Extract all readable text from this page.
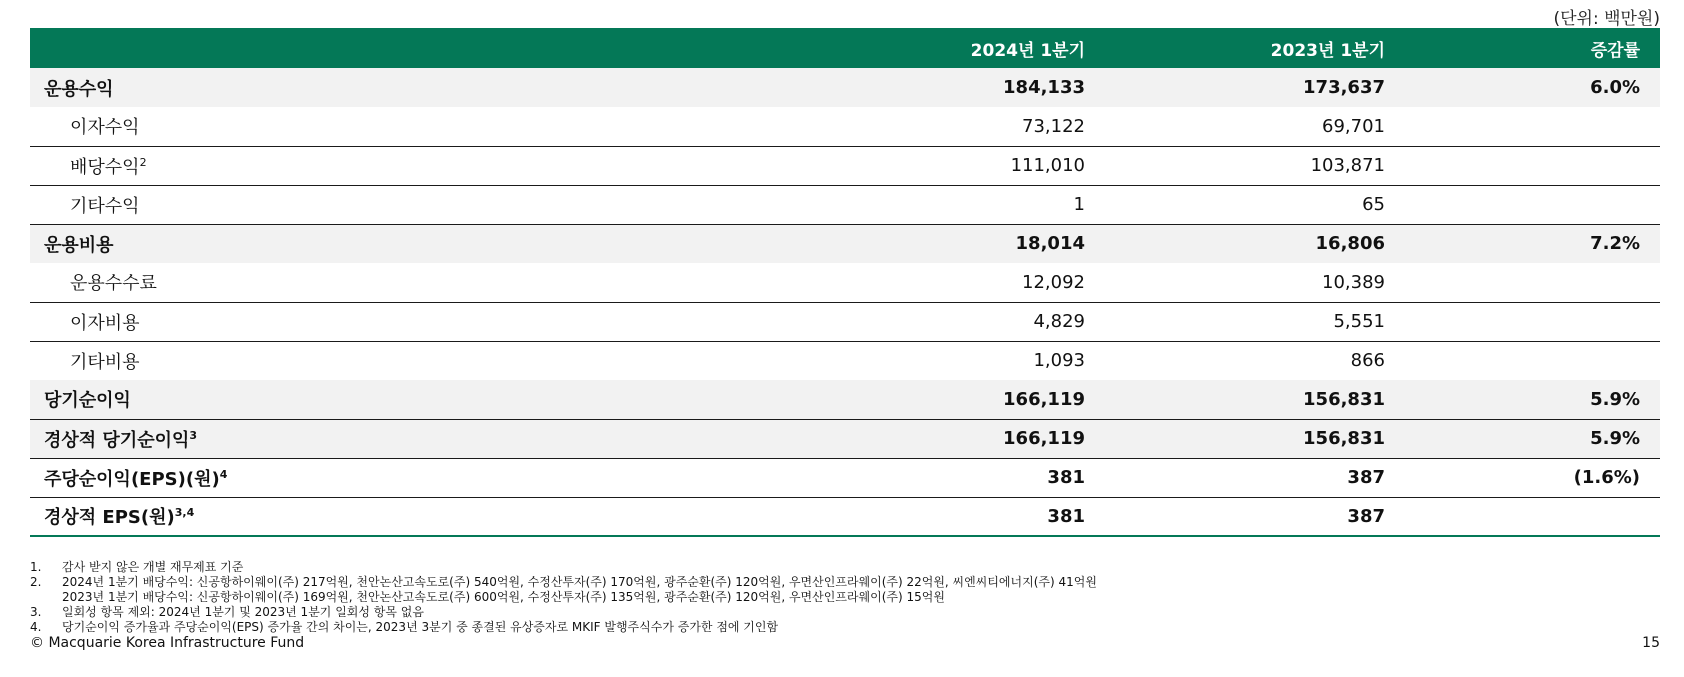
(단위: 백만원)
	2024년 1분기	2023년 1분기	증감률
운용수익	184,133	173,637	6.0%
이자수익	73,122	69,701	
배당수익$^2$	111,010	103,871	
기타수익	1	65	
운용비용	18,014	16,806	7.2%
운용수수료	12,092	10,389	
이자비용	4,829	5,551	
기타비용	1,093	866	
당기순이익	166,119	156,831	5.9%
경상적 당기순이익$^3$	166,119	156,831	5.9%
주당순이익(EPS)(원)$^4$	381	387	(1.6%)
경상적 EPS(원)$^{3,4}$	381	387	
1.	감사 받지 않은 개별 재무제표 기준
2.	2024년 1분기 배당수익: 신공항하이웨이(주) 217억원, 천안논산고속도로(주) 540억원, 수정산투자(주) 170억원, 광주순환(주) 120억원, 우면산인프라웨이(주) 22억원, 씨엔씨티에너지(주) 41억원
2023년 1분기 배당수익: 신공항하이웨이(주) 169억원, 천안논산고속도로(주) 600억원, 수정산투자(주) 135억원, 광주순환(주) 120억원, 우면산인프라웨이(주) 15억원
3.	일회성 항목 제외: 2024년 1분기 및 2023년 1분기 일회성 항목 없음
4.	당기순이익 증가율과 주당순이익(EPS) 증가율 간의 차이는, 2023년 3분기 중 종결된 유상증자로 MKIF 발행주식수가 증가한 점에 기인함
© Macquarie Korea Infrastructure Fund	15
